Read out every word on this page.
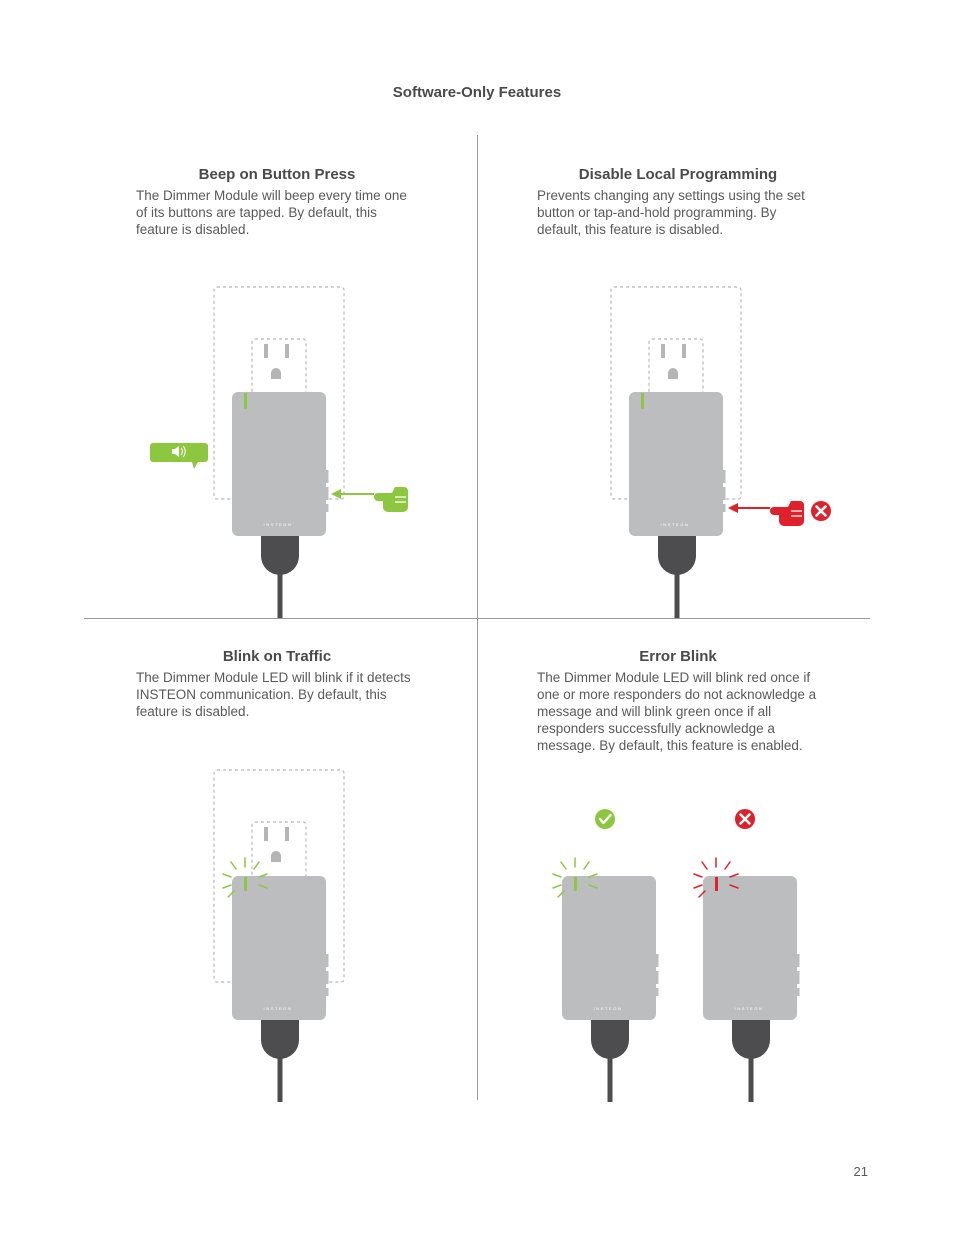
Software-Only Features
Beep on Button Press

The Dimmer Module will beep every time one of its buttons are tapped. By default, this feature is disabled.

Disable Local Programming

Prevents changing any settings using the set button or tap-and-hold programming. By default, this feature is disabled.

Blink on Traffic

The Dimmer Module LED will blink if it detects INSTEON communication. By default, this feature is disabled.

Error Blink

The Dimmer Module LED will blink red once if one or more responders do not acknowledge a message and will blink green once if all responders successfully acknowledge a message. By default, this feature is enabled.

INSTEON
21
